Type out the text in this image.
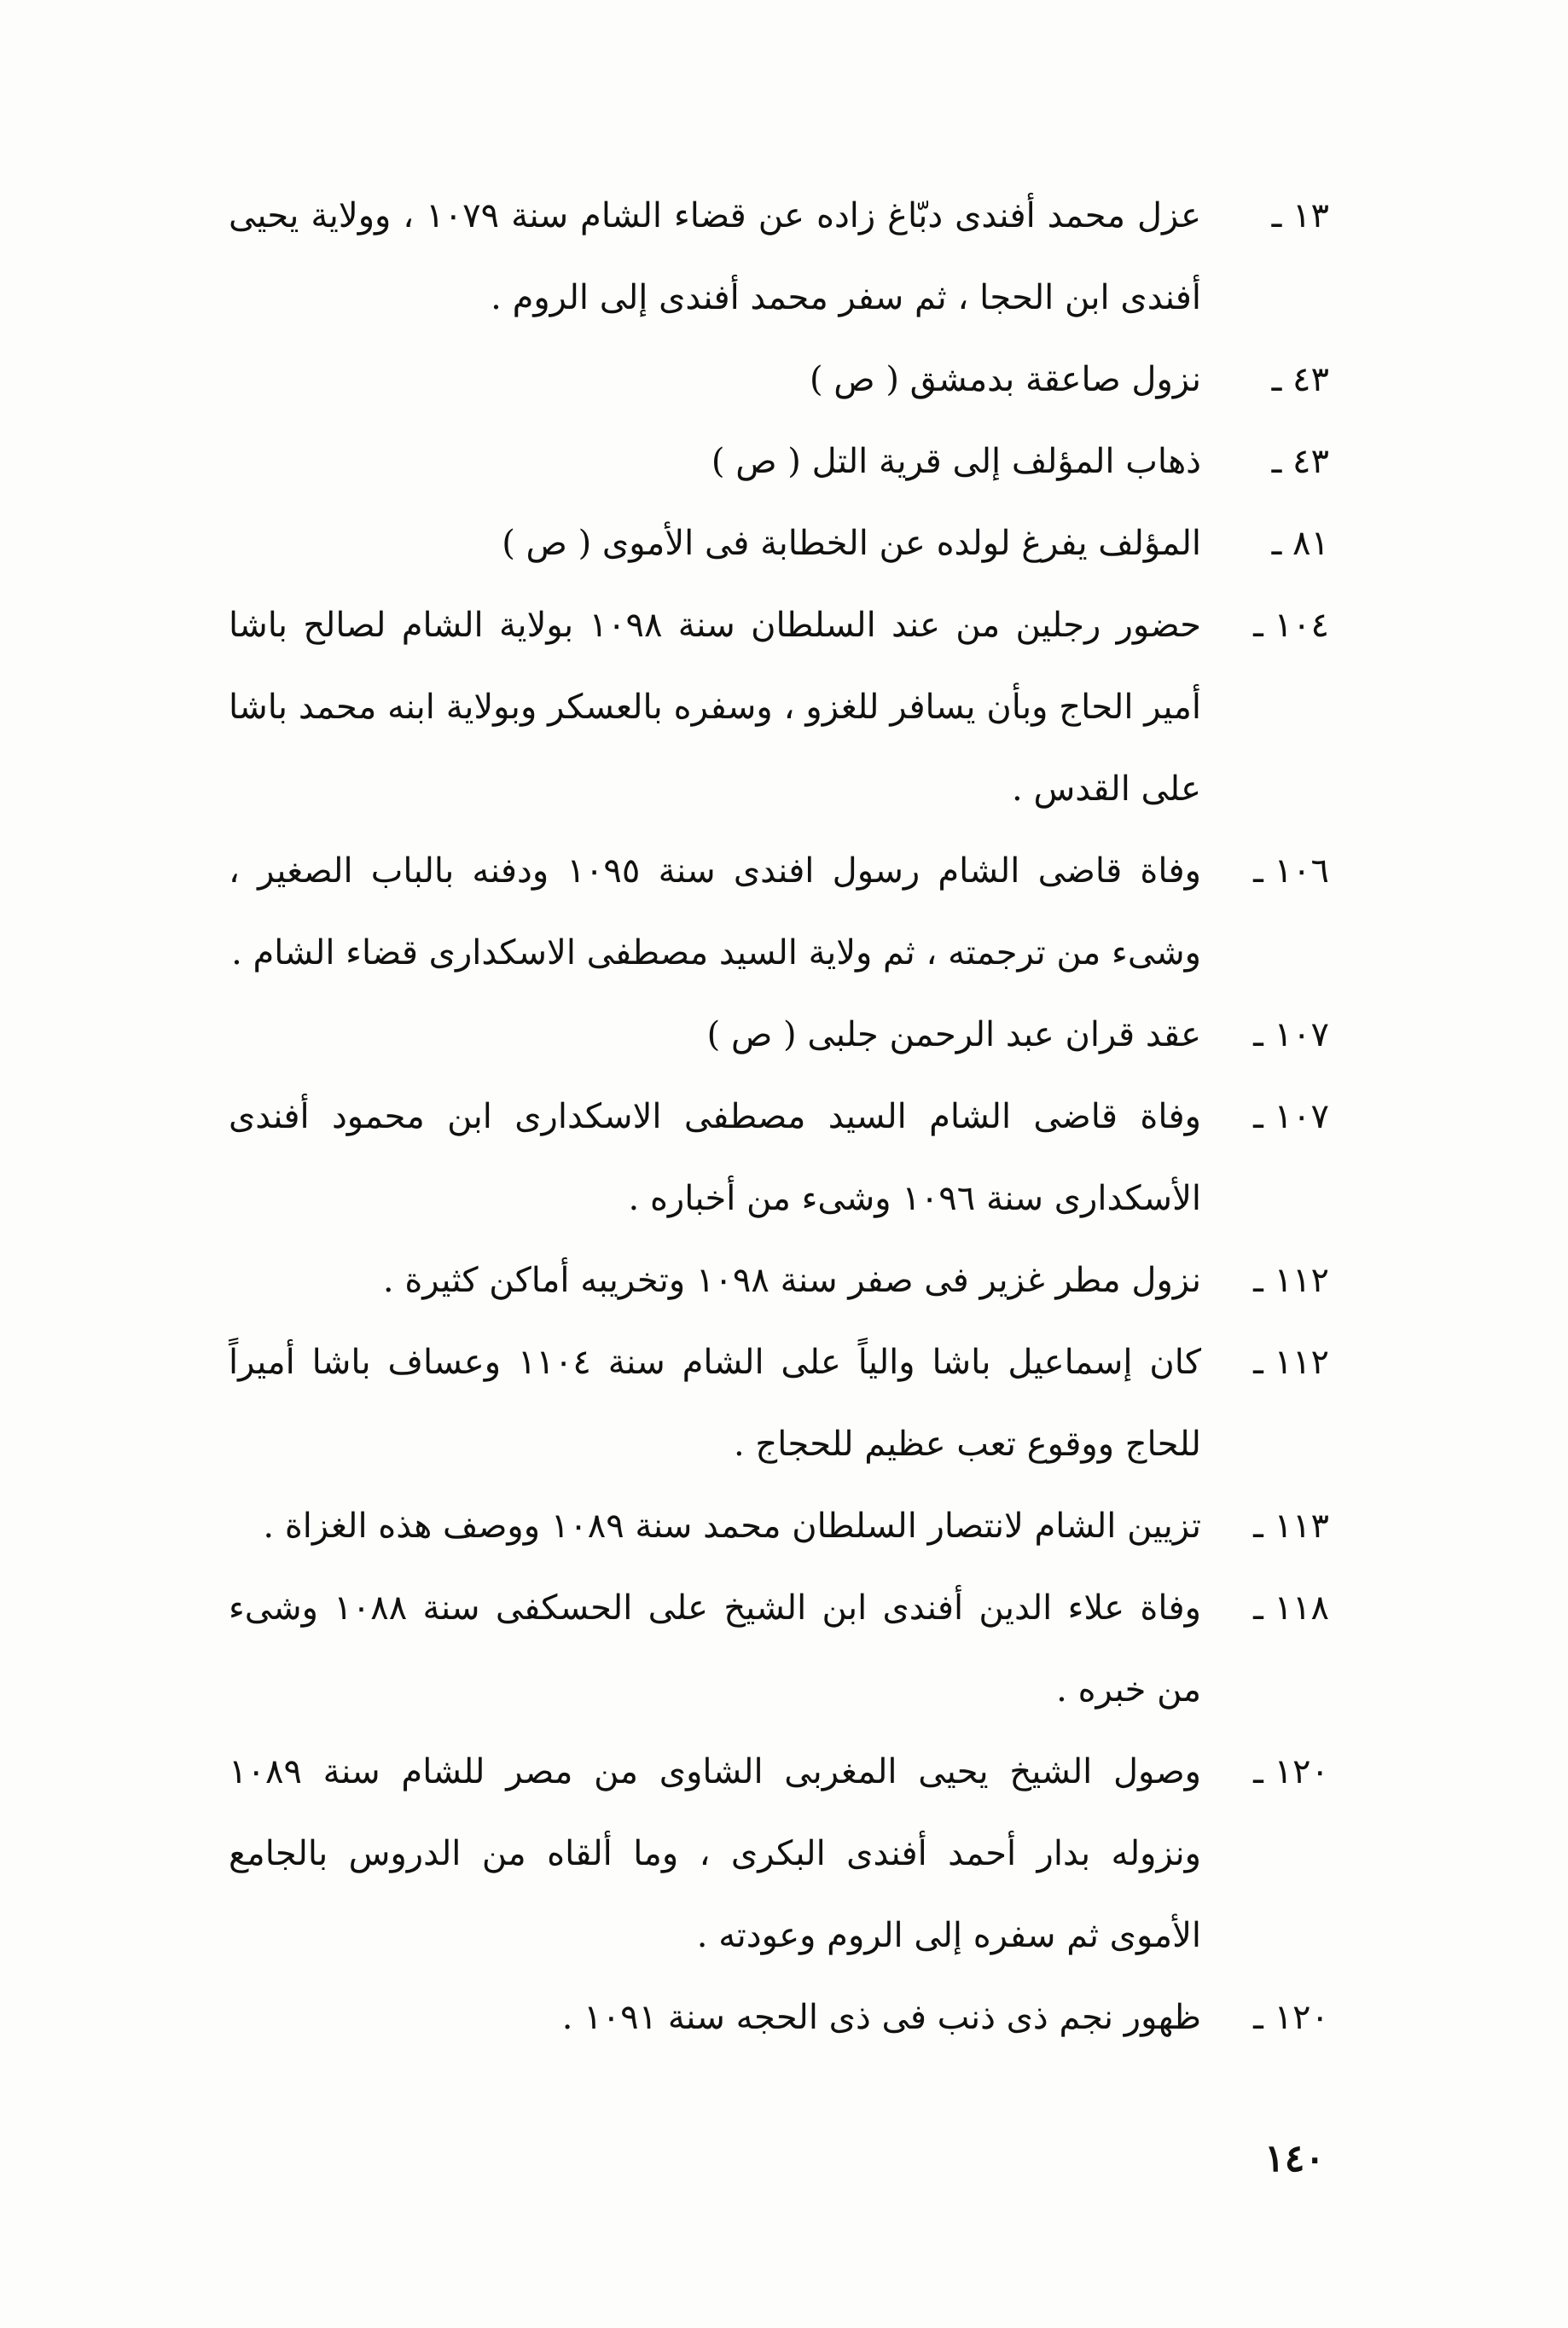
١٣ ـ
عزل محمد أفندى دبّاغ زاده عن قضاء الشام سنة ١٠٧٩ ، وولاية يحيى أفندى ابن الحجا ، ثم سفر محمد أفندى إلى الروم .
٤٣ ـ
نزول صاعقة بدمشق ( ص )
٤٣ ـ
ذهاب المؤلف إلى قرية التل ( ص )
٨١ ـ
المؤلف يفرغ لولده عن الخطابة فى الأموى ( ص )
١٠٤ ـ
حضور رجلين من عند السلطان سنة ١٠٩٨ بولاية الشام لصالح باشا أمير الحاج وبأن يسافر للغزو ، وسفره بالعسكر وبولاية ابنه محمد باشا على القدس .
١٠٦ ـ
وفاة قاضى الشام رسول افندى سنة ١٠٩٥ ودفنه بالباب الصغير ، وشىء من ترجمته ، ثم ولاية السيد مصطفى الاسكدارى قضاء الشام .
١٠٧ ـ
عقد قران عبد الرحمن جلبى ( ص )
١٠٧ ـ
وفاة قاضى الشام السيد مصطفى الاسكدارى ابن محمود أفندى الأسكدارى سنة ١٠٩٦ وشىء من أخباره .
١١٢ ـ
نزول مطر غزير فى صفر سنة ١٠٩٨ وتخريبه أماكن كثيرة .
١١٢ ـ
كان إسماعيل باشا والياً على الشام سنة ١١٠٤ وعساف باشا أميراً للحاج ووقوع تعب عظيم للحجاج .
١١٣ ـ
تزيين الشام لانتصار السلطان محمد سنة ١٠٨٩ ووصف هذه الغزاة .
١١٨ ـ
وفاة علاء الدين أفندى ابن الشيخ على الحسكفى سنة ١٠٨٨ وشىء من خبره .
١٢٠ ـ
وصول الشيخ يحيى المغربى الشاوى من مصر للشام سنة ١٠٨٩ ونزوله بدار أحمد أفندى البكرى ، وما ألقاه من الدروس بالجامع الأموى ثم سفره إلى الروم وعودته .
١٢٠ ـ
ظهور نجم ذى ذنب فى ذى الحجه سنة ١٠٩١ .
١٤٠
